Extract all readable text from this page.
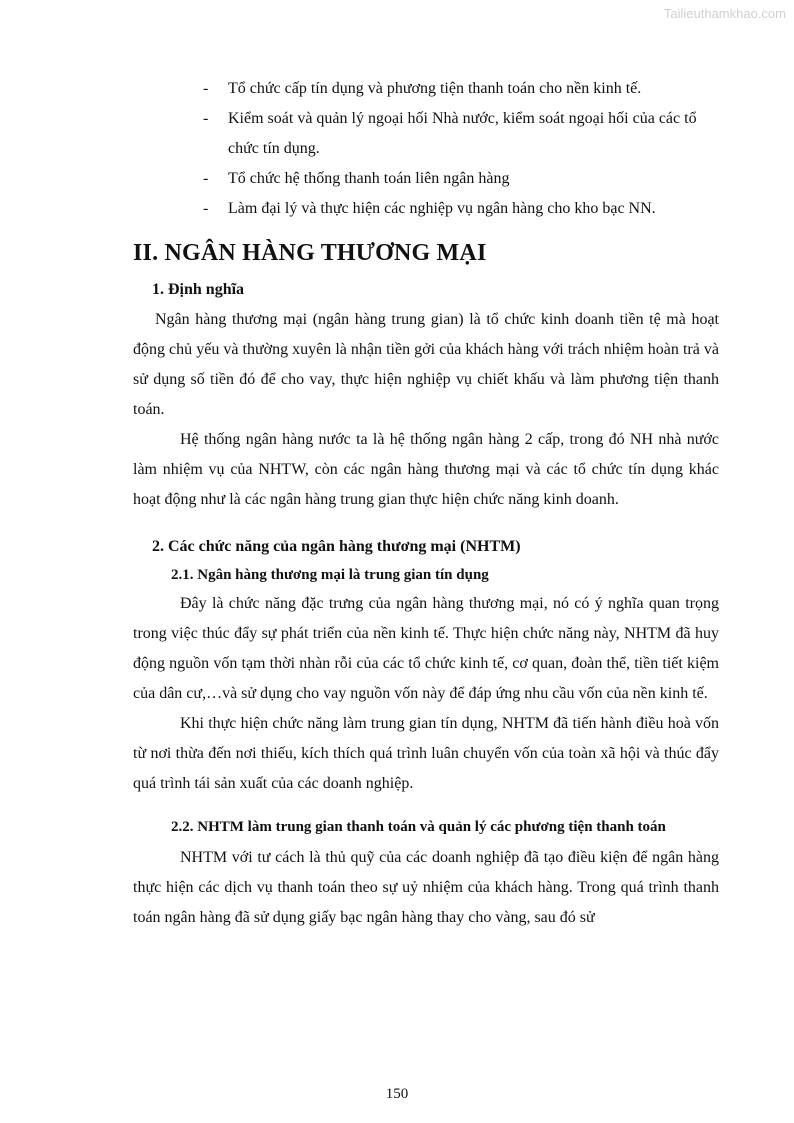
Tailieuthamkhao.com
- Tổ chức cấp tín dụng và phương tiện thanh toán cho nền kinh tế.
- Kiểm soát và quản lý ngoại hối Nhà nước, kiểm soát ngoại hối của các tổ chức tín dụng.
- Tổ chức hệ thống thanh toán liên ngân hàng
- Làm đại lý và thực hiện các nghiệp vụ ngân hàng cho kho bạc NN.
II. NGÂN HÀNG THƯƠNG MẠI
1. Định nghĩa

Ngân hàng thương mại (ngân hàng trung gian) là tổ chức kinh doanh tiền tệ mà hoạt động chủ yếu và thường xuyên là nhận tiền gởi của khách hàng với trách nhiệm hoàn trả và sử dụng số tiền đó để cho vay, thực hiện nghiệp vụ chiết khấu và làm phương tiện thanh toán.

Hệ thống ngân hàng nước ta là hệ thống ngân hàng 2 cấp, trong đó NH nhà nước làm nhiệm vụ của NHTW, còn các ngân hàng thương mại và các tổ chức tín dụng khác hoạt động như là các ngân hàng trung gian thực hiện chức năng kinh doanh.

2. Các chức năng của ngân hàng thương mại (NHTM)
2.1. Ngân hàng thương mại là trung gian tín dụng

Đây là chức năng đặc trưng của ngân hàng thương mại, nó có ý nghĩa quan trọng trong việc thúc đẩy sự phát triển của nền kinh tế. Thực hiện chức năng này, NHTM đã huy động nguồn vốn tạm thời nhàn rỗi của các tổ chức kinh tế, cơ quan, đoàn thể, tiền tiết kiệm của dân cư,…và sử dụng cho vay nguồn vốn này để đáp ứng nhu cầu vốn của nền kinh tế.

Khi thực hiện chức năng làm trung gian tín dụng, NHTM đã tiến hành điều hoà vốn từ nơi thừa đến nơi thiếu, kích thích quá trình luân chuyển vốn của toàn xã hội và thúc đẩy quá trình tái sản xuất của các doanh nghiệp.

2.2. NHTM làm trung gian thanh toán và quản lý các phương tiện thanh toán

NHTM với tư cách là thủ quỹ của các doanh nghiệp đã tạo điều kiện để ngân hàng thực hiện các dịch vụ thanh toán theo sự uỷ nhiệm của khách hàng. Trong quá trình thanh toán ngân hàng đã sử dụng giấy bạc ngân hàng thay cho vàng, sau đó sử

150
